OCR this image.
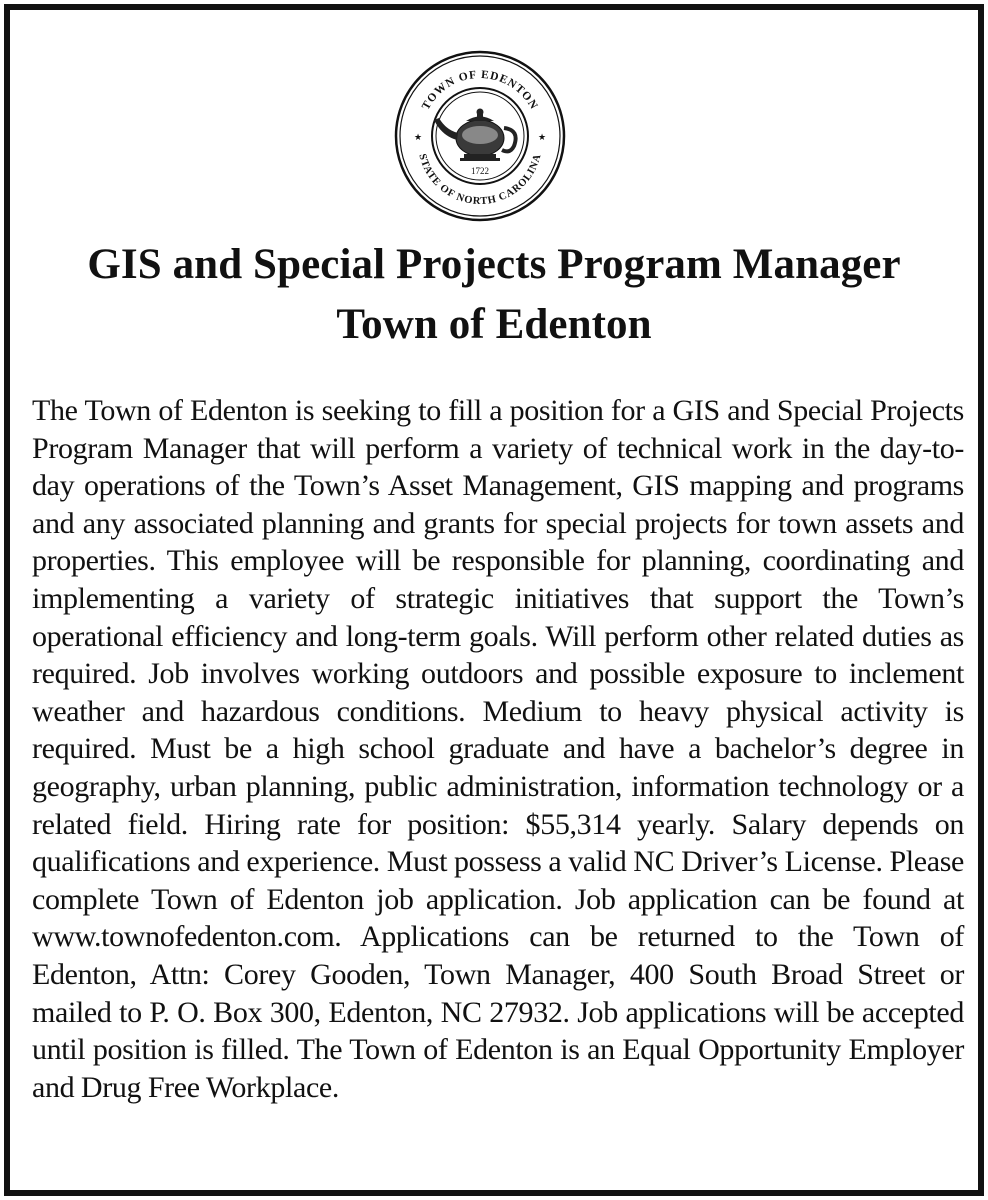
TOWN OF EDENTON
STATE OF NORTH CAROLINA
★	★
1722
GIS and Special Projects Program Manager
Town of Edenton

The Town of Edenton is seeking to fill a position for a GIS and Special Projects Program Manager that will perform a variety of technical work in the day-to-day operations of the Town’s Asset Management, GIS mapping and programs and any associated planning and grants for special projects for town assets and properties. This employee will be responsible for planning, coordinating and implementing a variety of strategic initiatives that support the Town’s operational efficiency and long-term goals. Will perform other related duties as required. Job involves working outdoors and possible exposure to inclement weather and hazardous conditions. Medium to heavy physical activity is required. Must be a high school graduate and have a bachelor’s degree in geography, urban planning, public administration, information technology or a related field. Hiring rate for position: $55,314 yearly. Salary depends on qualifications and experience. Must possess a valid NC Driver’s License. Please complete Town of Edenton job application. Job application can be found at www.townofedenton.com. Applications can be returned to the Town of Edenton, Attn: Corey Gooden, Town Manager, 400 South Broad Street or mailed to P. O. Box 300, Edenton, NC 27932. Job applications will be accepted until position is filled. The Town of Edenton is an Equal Opportunity Employer and Drug Free Workplace.
